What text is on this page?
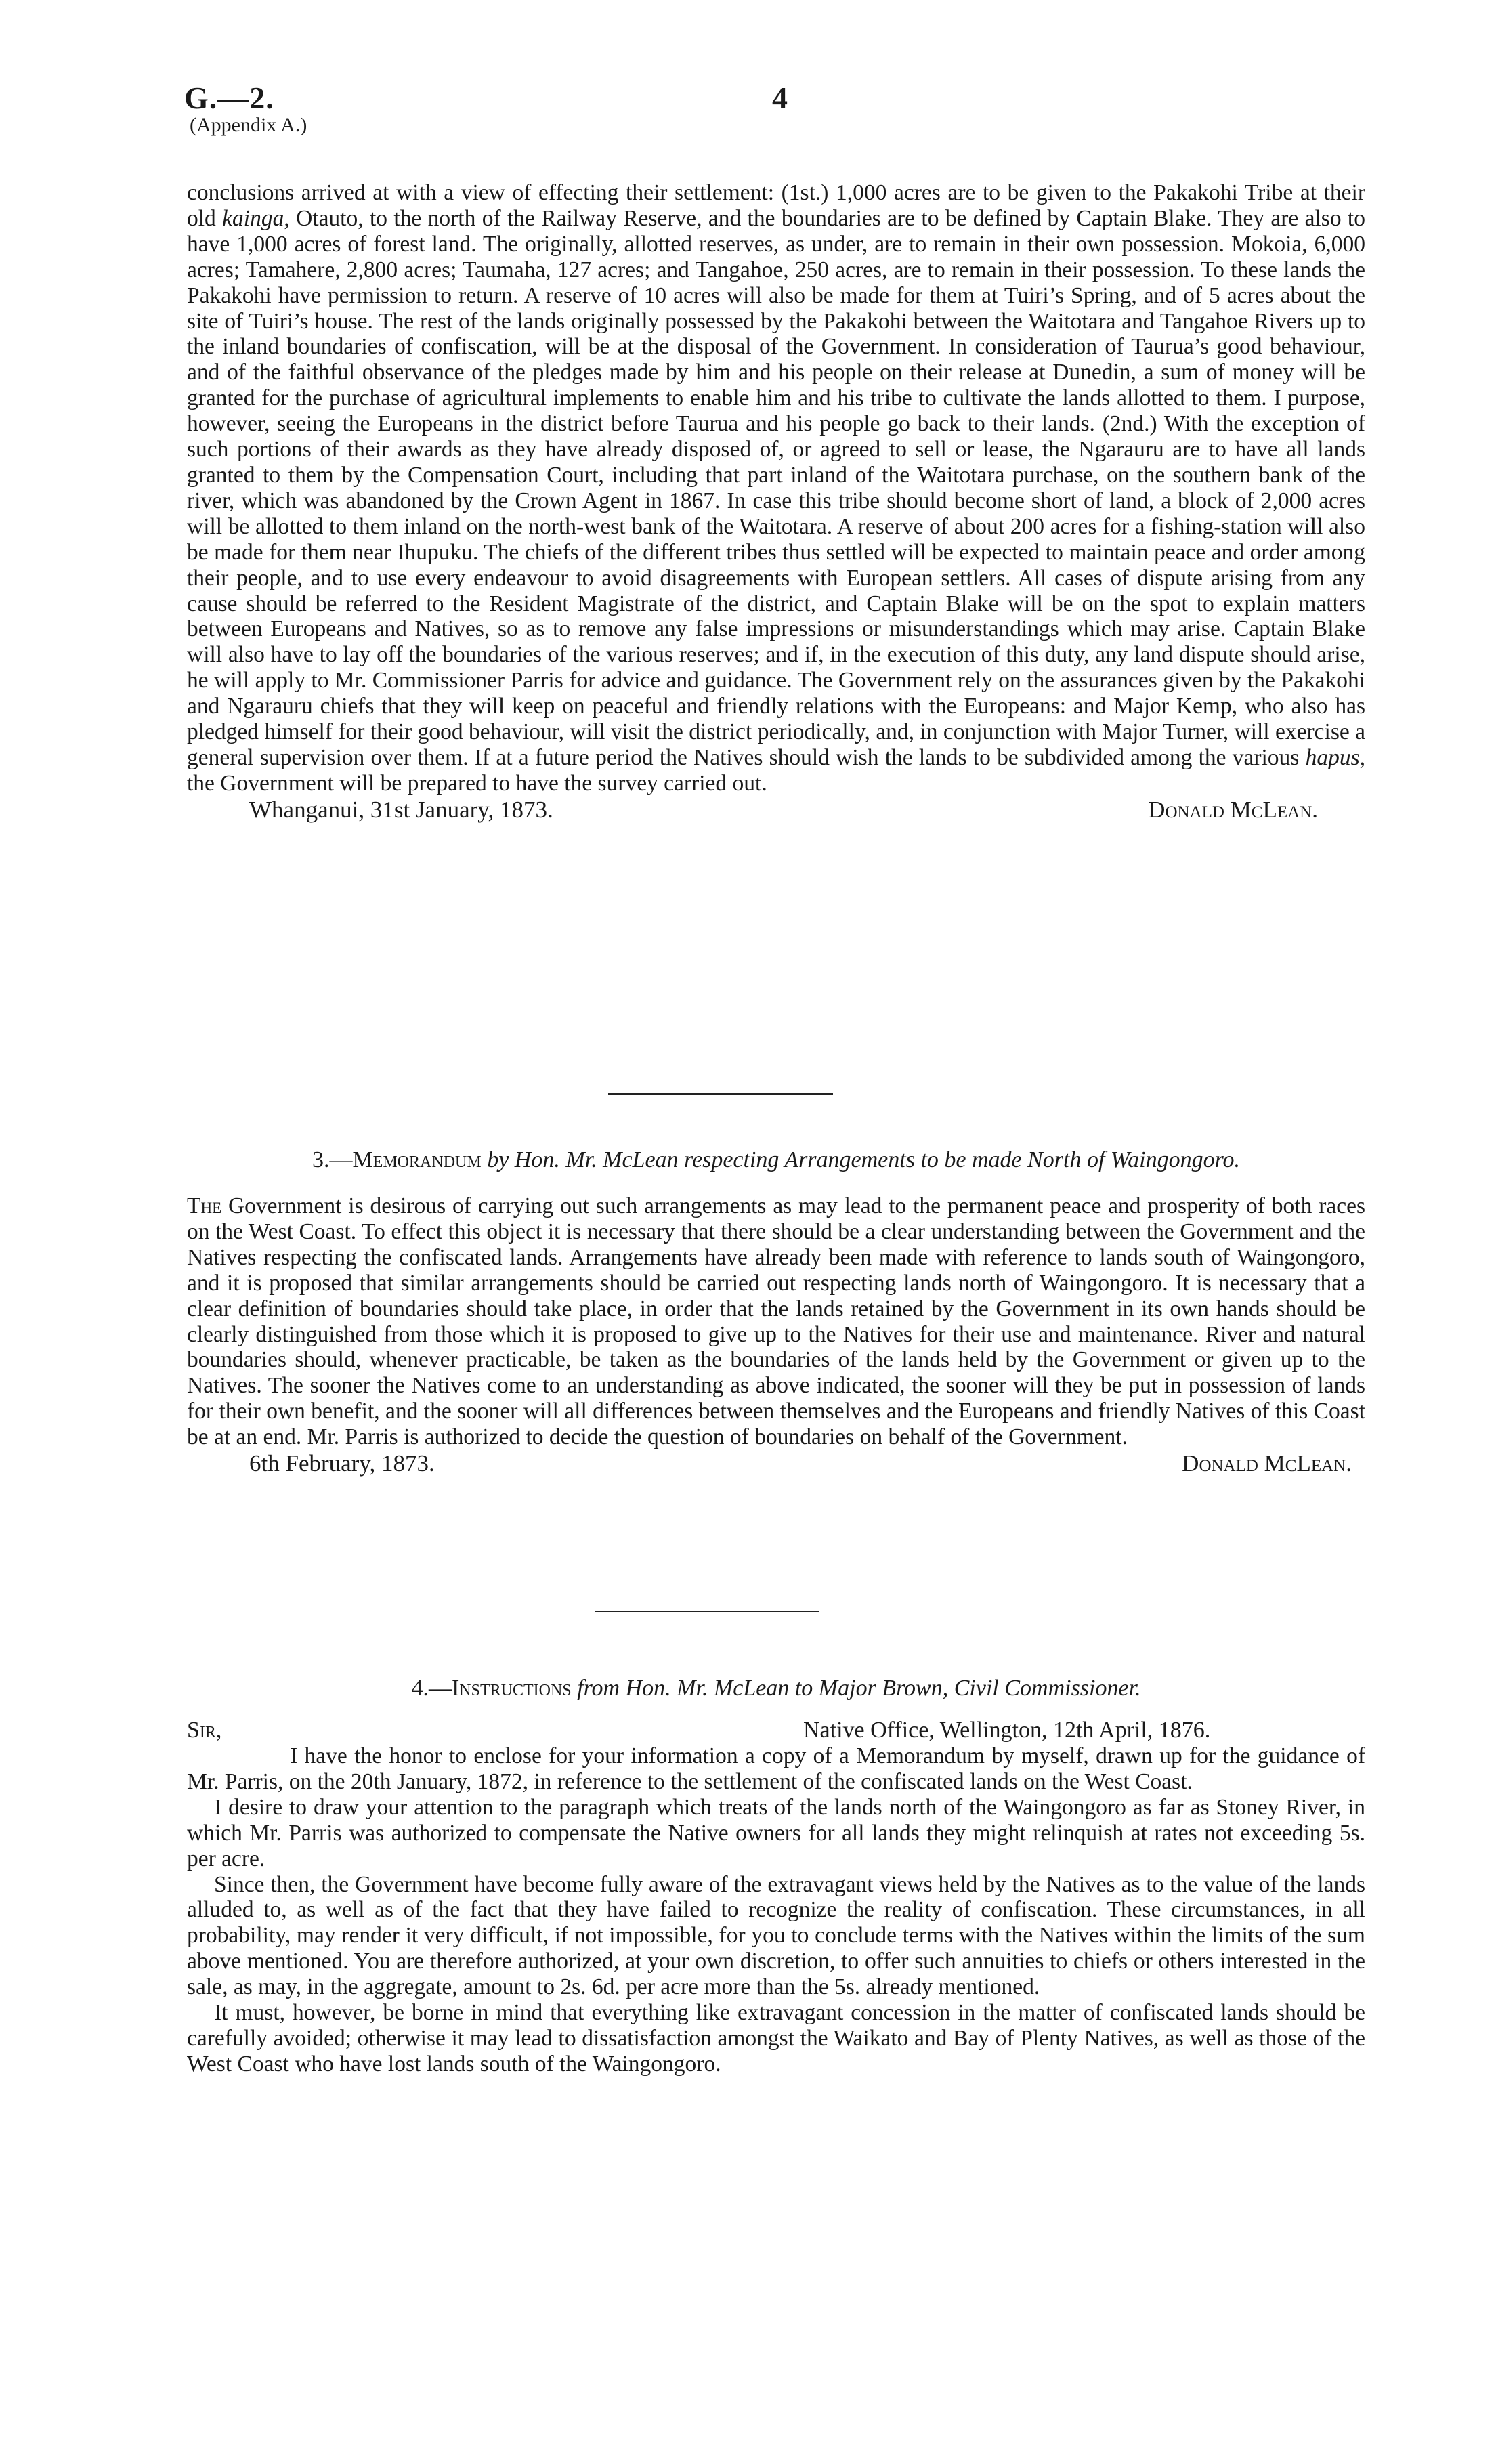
G.—2.
(Appendix A.)
4

conclusions arrived at with a view of effecting their settlement: (1st.) 1,000 acres are to be given to the Pakakohi Tribe at their old kainga, Otauto, to the north of the Railway Reserve, and the boundaries are to be defined by Captain Blake. They are also to have 1,000 acres of forest land. The originally, allotted reserves, as under, are to remain in their own possession. Mokoia, 6,000 acres; Tamahere, 2,800 acres; Taumaha, 127 acres; and Tangahoe, 250 acres, are to remain in their possession. To these lands the Pakakohi have permission to return. A reserve of 10 acres will also be made for them at Tuiri’s Spring, and of 5 acres about the site of Tuiri’s house. The rest of the lands originally possessed by the Pakakohi between the Waitotara and Tangahoe Rivers up to the inland boundaries of confiscation, will be at the disposal of the Government. In consideration of Taurua’s good behaviour, and of the faithful observance of the pledges made by him and his people on their release at Dunedin, a sum of money will be granted for the purchase of agricultural implements to enable him and his tribe to cultivate the lands allotted to them. I purpose, however, seeing the Europeans in the district before Taurua and his people go back to their lands. (2nd.) With the exception of such portions of their awards as they have already disposed of, or agreed to sell or lease, the Ngarauru are to have all lands granted to them by the Compensation Court, including that part inland of the Waitotara purchase, on the southern bank of the river, which was abandoned by the Crown Agent in 1867. In case this tribe should become short of land, a block of 2,000 acres will be allotted to them inland on the north-west bank of the Waitotara. A reserve of about 200 acres for a fishing-station will also be made for them near Ihupuku. The chiefs of the different tribes thus settled will be expected to maintain peace and order among their people, and to use every endeavour to avoid disagreements with European settlers. All cases of dispute arising from any cause should be referred to the Resident Magistrate of the district, and Captain Blake will be on the spot to explain matters between Europeans and Natives, so as to remove any false impressions or misunderstandings which may arise. Captain Blake will also have to lay off the boundaries of the various reserves; and if, in the execution of this duty, any land dispute should arise, he will apply to Mr. Commissioner Parris for advice and guidance. The Government rely on the assurances given by the Pakakohi and Ngarauru chiefs that they will keep on peaceful and friendly relations with the Europeans: and Major Kemp, who also has pledged himself for their good behaviour, will visit the district periodically, and, in conjunction with Major Turner, will exercise a general supervision over them. If at a future period the Natives should wish the lands to be subdivided among the various hapus, the Government will be prepared to have the survey carried out.

Whanganui, 31st January, 1873.	Donald McLean.
3.—Memorandum by Hon. Mr. McLean respecting Arrangements to be made North of Waingongoro.

The Government is desirous of carrying out such arrangements as may lead to the permanent peace and prosperity of both races on the West Coast. To effect this object it is necessary that there should be a clear understanding between the Government and the Natives respecting the confiscated lands. Arrangements have already been made with reference to lands south of Waingongoro, and it is proposed that similar arrangements should be carried out respecting lands north of Waingongoro. It is necessary that a clear definition of boundaries should take place, in order that the lands retained by the Government in its own hands should be clearly distinguished from those which it is proposed to give up to the Natives for their use and maintenance. River and natural boundaries should, whenever practicable, be taken as the boundaries of the lands held by the Government or given up to the Natives. The sooner the Natives come to an understanding as above indicated, the sooner will they be put in possession of lands for their own benefit, and the sooner will all differences between themselves and the Europeans and friendly Natives of this Coast be at an end. Mr. Parris is authorized to decide the question of boundaries on behalf of the Government.

6th February, 1873.	Donald McLean.
4.—Instructions from Hon. Mr. McLean to Major Brown, Civil Commissioner.
Sir,	Native Office, Wellington, 12th April, 1876.

I have the honor to enclose for your information a copy of a Memorandum by myself, drawn up for the guidance of Mr. Parris, on the 20th January, 1872, in reference to the settlement of the confiscated lands on the West Coast.

I desire to draw your attention to the paragraph which treats of the lands north of the Waingongoro as far as Stoney River, in which Mr. Parris was authorized to compensate the Native owners for all lands they might relinquish at rates not exceeding 5s. per acre.

Since then, the Government have become fully aware of the extravagant views held by the Natives as to the value of the lands alluded to, as well as of the fact that they have failed to recognize the reality of confiscation. These circumstances, in all probability, may render it very difficult, if not impossible, for you to conclude terms with the Natives within the limits of the sum above mentioned. You are therefore authorized, at your own discretion, to offer such annuities to chiefs or others interested in the sale, as may, in the aggregate, amount to 2s. 6d. per acre more than the 5s. already mentioned.

It must, however, be borne in mind that everything like extravagant concession in the matter of confiscated lands should be carefully avoided; otherwise it may lead to dissatisfaction amongst the Waikato and Bay of Plenty Natives, as well as those of the West Coast who have lost lands south of the Waingongoro.
